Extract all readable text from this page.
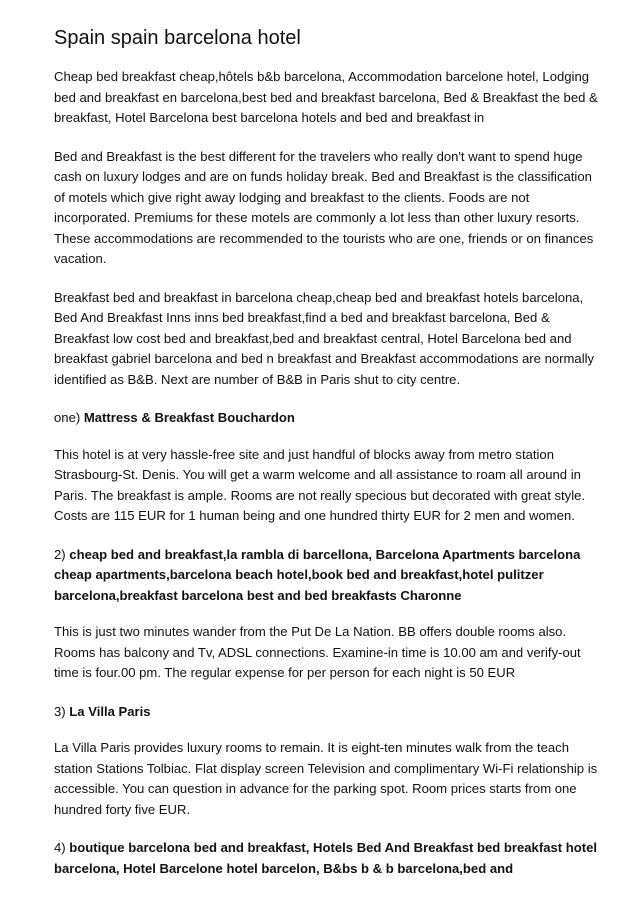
Spain spain barcelona hotel

Cheap bed breakfast cheap,hôtels b&b barcelona, Accommodation barcelone hotel, Lodging bed and breakfast en barcelona,best bed and breakfast barcelona, Bed & Breakfast the bed & breakfast, Hotel Barcelona best barcelona hotels and bed and breakfast in

Bed and Breakfast is the best different for the travelers who really don't want to spend huge cash on luxury lodges and are on funds holiday break. Bed and Breakfast is the classification of motels which give right away lodging and breakfast to the clients. Foods are not incorporated. Premiums for these motels are commonly a lot less than other luxury resorts. These accommodations are recommended to the tourists who are one, friends or on finances vacation.

Breakfast bed and breakfast in barcelona cheap,cheap bed and breakfast hotels barcelona, Bed And Breakfast Inns inns bed breakfast,find a bed and breakfast barcelona, Bed & Breakfast low cost bed and breakfast,bed and breakfast central, Hotel Barcelona bed and breakfast gabriel barcelona and bed n breakfast and Breakfast accommodations are normally identified as B&B. Next are number of B&B in Paris shut to city centre.

one) Mattress & Breakfast Bouchardon

This hotel is at very hassle-free site and just handful of blocks away from metro station Strasbourg-St. Denis. You will get a warm welcome and all assistance to roam all around in Paris. The breakfast is ample. Rooms are not really specious but decorated with great style. Costs are 115 EUR for 1 human being and one hundred thirty EUR for 2 men and women.

2) cheap bed and breakfast,la rambla di barcellona, Barcelona Apartments barcelona cheap apartments,barcelona beach hotel,book bed and breakfast,hotel pulitzer barcelona,breakfast barcelona best and bed breakfasts Charonne

This is just two minutes wander from the Put De La Nation. BB offers double rooms also. Rooms has balcony and Tv, ADSL connections. Examine-in time is 10.00 am and verify-out time is four.00 pm. The regular expense for per person for each night is 50 EUR

3) La Villa Paris

La Villa Paris provides luxury rooms to remain. It is eight-ten minutes walk from the teach station Stations Tolbiac. Flat display screen Television and complimentary Wi-Fi relationship is accessible. You can question in advance for the parking spot. Room prices starts from one hundred forty five EUR.

4) boutique barcelona bed and breakfast, Hotels Bed And Breakfast bed breakfast hotel barcelona, Hotel Barcelone hotel barcelon, B&bs b & b barcelona,bed and
